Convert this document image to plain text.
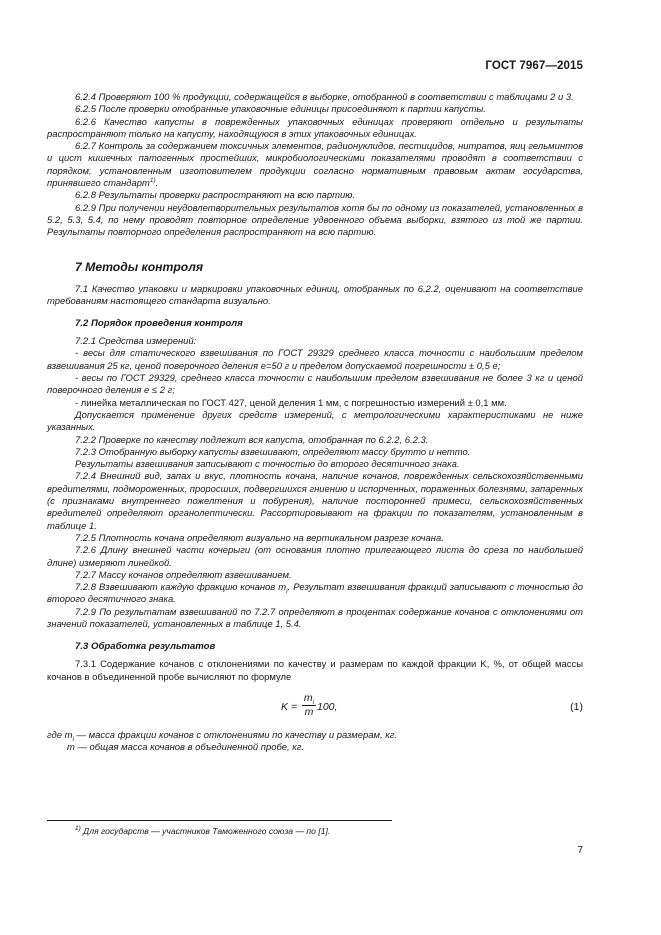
ГОСТ 7967—2015

6.2.4 Проверяют 100 % продукции, содержащейся в выборке, отобранной в соответствии с таблицами 2 и 3.

6.2.5 После проверки отобранные упаковочные единицы присоединяют к партии капусты.

6.2.6 Качество капусты в поврежденных упаковочных единицах проверяют отдельно и результаты распространяют только на капусту, находящуюся в этих упаковочных единицах.

6.2.7 Контроль за содержанием токсичных элементов, радионуклидов, пестицидов, нитратов, яиц гельминтов и цист кишечных патогенных простейших, микробиологическими показателями проводят в соответствии с порядком, установленным изготовителем продукции согласно нормативным правовым актам государства, принявшего стандарт$^{1)}$.

6.2.8 Результаты проверки распространяют на всю партию.

6.2.9 При получении неудовлетворительных результатов хотя бы по одному из показателей, установленных в 5.2, 5.3, 5.4, по нему проводят повторное определение удвоенного объема выборки, взятого из той же партии. Результаты повторного определения распространяют на всю партию.

7 Методы контроля

7.1 Качество упаковки и маркировки упаковочных единиц, отобранных по 6.2.2, оценивают на соответствие требованиям настоящего стандарта визуально.

7.2 Порядок проведения контроля

7.2.1 Средства измерений:

- весы для статического взвешивания по ГОСТ 29329 среднего класса точности с наибольшим пределом взвешивания 25 кг, ценой поверочного деления е=50 г и пределом допускаемой погрешности ± 0,5 е;

- весы по ГОСТ 29329, среднего класса точности с наибольшим пределом взвешивания не более 3 кг и ценой поверочного деления е ≤ 2 г;

- линейка металлическая по ГОСТ 427, ценой деления 1 мм, с погрешностью измерений ± 0,1 мм.

Допускается применение других средств измерений, с метрологическими характеристиками не ниже указанных.

7.2.2 Проверке по качеству подлежит вся капуста, отобранная по 6.2.2, 6.2.3.

7.2.3 Отобранную выборку капусты взвешивают, определяют массу брутто и нетто.

Результаты взвешивания записывают с точностью до второго десятичного знака.

7.2.4 Внешний вид, запах и вкус, плотность кочана, наличие кочанов, поврежденных сельскохозяйственными вредителями, подмороженных, проросших, подвергшихся гниению и испорченных, пораженных болезнями, запаренных (с признаками внутреннего пожелтения и побурения), наличие посторонней примеси, сельскохозяйственных вредителей определяют органолептически. Рассортировывают на фракции по показателям, установленным в таблице 1.

7.2.5 Плотность кочана определяют визуально на вертикальном разрезе кочана.

7.2.6 Длину внешней части кочерыги (от основания плотно прилегающего листа до среза по наибольшей длине) измеряют линейкой.

7.2.7 Массу кочанов определяют взвешиванием.

7.2.8 Взвешивают каждую фракцию кочанов $m_i$. Результат взвешивания фракций записывают с точностью до второго десятичного знака.

7.2.9 По результатам взвешиваний по 7.2.7 определяют в процентах содержание кочанов с отклонениями от значений показателей, установленных в таблице 1, 5.4.

7.3 Обработка результатов

7.3.1 Содержание кочанов с отклонениями по качеству и размерам по каждой фракции K, %, от общей массы кочанов в объединенной пробе вычисляют по формуле

$K = \frac{m_i}{m} 100$,	(1)

где $m_i$ — масса фракции кочанов с отклонениями по качеству и размерам, кг.

m — общая масса кочанов в объединенной пробе, кг.

$^{1)}$ Для государств — участников Таможенного союза — по [1].
7
